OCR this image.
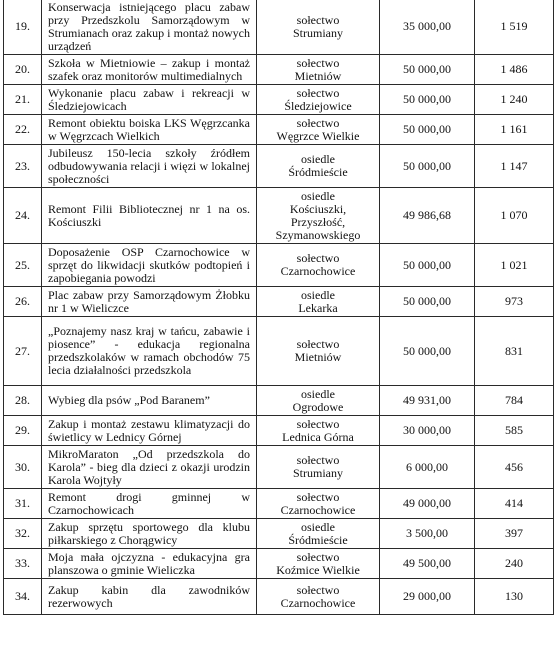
19.	Konserwacja istniejącego placu zabaw przy Przedszkolu Samorządowym w Strumianach oraz zakup i montaż nowych urządzeń	sołectwo
Strumiany	35 000,00	1 519
20.	Szkoła w Mietniowie – zakup i montaż szafek oraz monitorów multimedialnych	sołectwo
Mietniów	50 000,00	1 486
21.	Wykonanie placu zabaw i rekreacji w Śledziejowicach	sołectwo
Śledziejowice	50 000,00	1 240
22.	Remont obiektu boiska LKS Węgrzcanka w Węgrzcach Wielkich	sołectwo
Węgrzce Wielkie	50 000,00	1 161
23.	Jubileusz 150-lecia szkoły źródłem odbudowywania relacji i więzi w lokalnej społeczności	osiedle
Śródmieście	50 000,00	1 147
24.	Remont Filii Bibliotecznej nr 1 na os. Kościuszki	osiedle
Kościuszki,
Przyszłość,
Szymanowskiego	49 986,68	1 070
25.	Doposażenie OSP Czarnochowice w sprzęt do likwidacji skutków podtopień i zapobiegania powodzi	sołectwo
Czarnochowice	50 000,00	1 021
26.	Plac zabaw przy Samorządowym Żłobku nr 1 w Wieliczce	osiedle
Lekarka	50 000,00	973
27.	„Poznajemy nasz kraj w tańcu, zabawie i piosence” - edukacja regionalna przedszkolaków w ramach obchodów 75 lecia działalności przedszkola	sołectwo
Mietniów	50 000,00	831
28.	Wybieg dla psów „Pod Baranem”	osiedle
Ogrodowe	49 931,00	784
29.	Zakup i montaż zestawu klimatyzacji do świetlicy w Lednicy Górnej	sołectwo
Lednica Górna	30 000,00	585
30.	MikroMaraton „Od przedszkola do Karola” - bieg dla dzieci z okazji urodzin Karola Wojtyły	sołectwo
Strumiany	6 000,00	456
31.	Remont drogi gminnej w Czarnochowicach	sołectwo
Czarnochowice	49 000,00	414
32.	Zakup sprzętu sportowego dla klubu piłkarskiego z Chorągwicy	osiedle
Śródmieście	3 500,00	397
33.	Moja mała ojczyzna - edukacyjna gra planszowa o gminie Wieliczka	sołectwo
Koźmice Wielkie	49 500,00	240
34.	Zakup kabin dla zawodników rezerwowych	sołectwo
Czarnochowice	29 000,00	130
